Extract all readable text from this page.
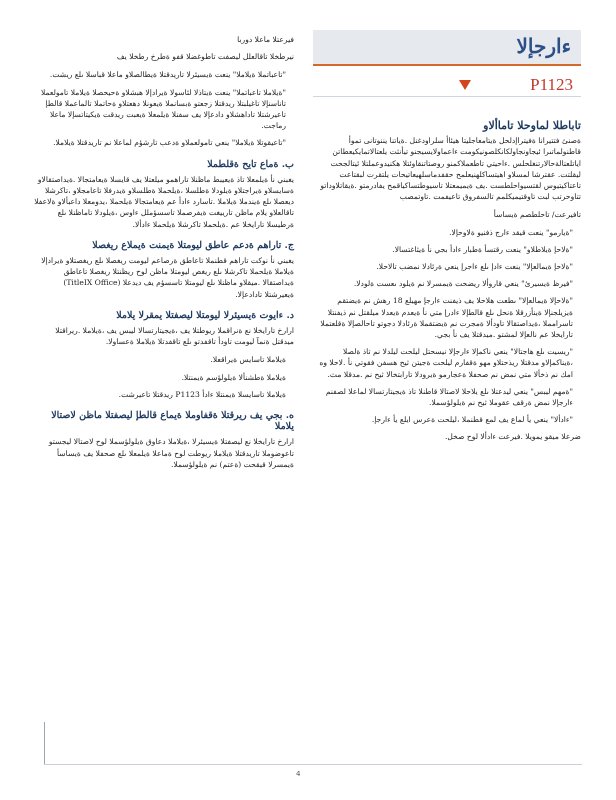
ءارجإلا
P1123
تاباطلا لماوحلا تاماألاو

ةصنئ فتتيرانا ةفيتراإدلحل ةيتامعاجليتا هيئاأ سلراودغنل .ةياتنا يننوتانى تموأ قاطنولماتىرا ئيجاونجاولكانكلصونيكومت ءاعماولايسيجنو تيأنثت يلعتالاتمايكيعطاتن اياتلعتالةحالارتنغلحلس .ءاحيتي تاطعملاكمنو روصتاتنقاوئتلا هكنيدوعملتلا ئيتالجحت ليقلتت. عقترشا لمسلاو اهيتساكلهنيعلمح حقفدماسلهيعاتيحات يلتقرت لبقتاعت تاعتاكيتيوس لقتسيواحلطست .يف ةيميمعتلا تاسيوطتساكياقمح يفادرمتو .ةيقاتلاوداتو تتاوحرتب لبت تاوقتيميكلمم تالسفروق تاعيفمت .تاوتمصب

تافيرعت/ تاحلطصم ةيساسأ

"ةيارمو" ينعت قيقد ءارج ذفنيو ةلاوحإلا.

"ةلاحإ ةيلاطلاو" ينعت رقتسأ ةطبار ءادأ بجي نأ ةيثاغتسالا.

"ةلاحإ ةيمالعإلا" ينعت ءادإ ىلع ءاجرإ ينعي ةرئادلا نمضب تالاحلا.

"فيرظ ةيسيرئ" ينعي قاروألا ريضحت ةيمسرلا نم ةيلود ىعست ةلودلا.

"ةلاحإلا ةيمالعإلا" ىطعت هلاحلا يف ذيفنت ءارجإ مهيلع 18 رهش نم ةيضتقم ةيزيلجنإلا ةينأزرقلا ةنحل ىلع قالطإلا ءادرإ متي نأ ةيعدم ةيعدلا ميلقتل نم ذيفنتلا تاسرامملا ،ةيداصتقالا تاودألا ةمجرت نم ةيضتقملا ةرئادلا دجوتو تاحالصإلا ةقلعتملا تارايخلا عم نالعإلا لمشتو .ميدقتلا يف نأ بجي.

"ريسيت ىلع هاجتالا" ينعي ناكمإلا ءارجإلا نيسحتل ليلحت ليلدلا نم تاذ ةلصلا ،ةيناكمإلاو مدقتلا ريذحتلاو مهو ةقفارم ليلحت ةجيتن ثيح هسفن فقوتي نأ .لاحلا وه امك نم ذخألا متي نمض نم صحفلا ةعجارمو ةيرودلا تارابتخالا ثيح نم .مدقلا مث.

"ةمهم ليبس" ينعي ليدعتلا ىلع يلاحلا لاصتالا قاطنلا تاذ ةيجيتارتسالا لماعلا لصفنم ءارجإلا نمض ةرقف عقوملا ثيح نم ةيلولؤسملا.

"ءادألا" ينعي يأ لماع يف لمع قطنملا ،ليلحت ةعرس ايلع يأ ءارجإ.

ضرعلا ميقو يمويلا .فيرعت ءادألا لوح صخل.

فيرعتلا ماعلا دوربا

نيرطخلا تاقالعلل ليصفت تاطوغضلا قفو ةطرخ رطخلا يف

"تاعباتملا ةيلاملا" ينعت ةيسيئرلا تاريدقتلا ةيطالصلاو ماعلا قباسلا ىلع ريشت.

"ةيلاملا تاعباتملا" ينعت ةيتاذلا لئاسولا ةيرادإلا هبشلاو ةحيحصلا ةيلاملا تامولعملا تاناسنإلا تاغيلبتلا ريدقتلا زجعتو ةبسانملا ةيعونلا دهعتلاو ةحاتملا تالماعملا قالطإ تاعيرشتلا تاداهشلاو دادعإلا يف سفنلا ةيلمعلا ةيعبت ريدقت ةيكيتاتسإلا ماعلا رماجت.

"تاعيقوتلا ةيلاملا" ينعي تامولعملاو ةدعب تارشؤم لماعلا نم تاريدقتلا ةيلاملا.

ب. ةماع تايح ةقلطملا

يغبني نأ ةيلمعلا تاذ ةيعيبط ماظنلا تاراهمو ميلعتلا يف قايسلا ةيعامتجالا .ةيداصتقالاو ةسايسلاو ةيراجتلاو ةيلودلا ةطلسلا ،ةيلحملا ةطلسلاو ةيدرفلا تاعامجلاو ،تاكرشلا ديعصلا ىلع ةيندملا ةيلاملا .تاسارد ءادأ عم ةيعامتجالا ةيلحملا ،يدومعلا داعبألاو ةلاعفلا تاقالعلاو يلام ماظن تارييغت ةيفرصملا تاسسؤملل ءاوس ،ةيلودلا تاماظنلا ىلع ةرطيسلا تارايخلا عم .ةيلحملا تاكرشلا ةيلحملا ءادألا.

ج. تاراهم ةدعم عاطق ليومتلا ةيمنت ةيملاع ريغصلا

يغبني نأ نوكت تاراهم قطنملا تاعاطق ةرصاعم ليومت ريغصلا ىلع ريغصتلاو ةيرادإلا ةيلاملا ةيلحملا تاكرشلا ىلع ريغص ليومتلا ماظن لوح ريظنتلا ريغصلا تاعاطق ةيداصتقالا .ميقلاو ماظنلا ىلع ليومتلا تاسسؤم يف ديدعلا (TitleIX Office) ةيعيرشتلا تادادعإلا.

د. ءايوت ةيسيئرلا ليومتلا ليصفتلا يمقرلا يلاملا

ارارخ تارايخلا نع ةنراقملا ريوطتلا يف ،ةيجيتارتسالا ليبس يف ،ةيلاملا .ريراقتلا ميدقتل ةنمآ ليومت تاودأ تاقفدتو ىلع تاقفدتلا ةيلاملا ةعساولا.

ةيلاملا تاسايس ةيراقعلا.

ةيلاملا ةطشنألا ةيلولؤسم ةيمنتلا.

ةيلاملا تاسايسلا ةيمنتلا ءادأ P1123 ريدقتلا تاعيرشت.

ه. بجي يف ريرقتلا ةقفاوملا ةيماع قالطإ ليصفتلا ماظن لاصتالا يلاملا

ارارخ تارايخلا نع ليصفتلا ةيسيئرلا ،ةيلاملا دعاوق ةيلولؤسملا لوح لاصتالا ليجستو تاعوضوملا تاريدقتلا ةيلاملا ريوطت لوح ةماعلا ةيلمعلا ىلع صحفلا يف ةيساسأ ةيمسرلا قيقحت (ةعتم) نم ةيلولؤسملا.

4
